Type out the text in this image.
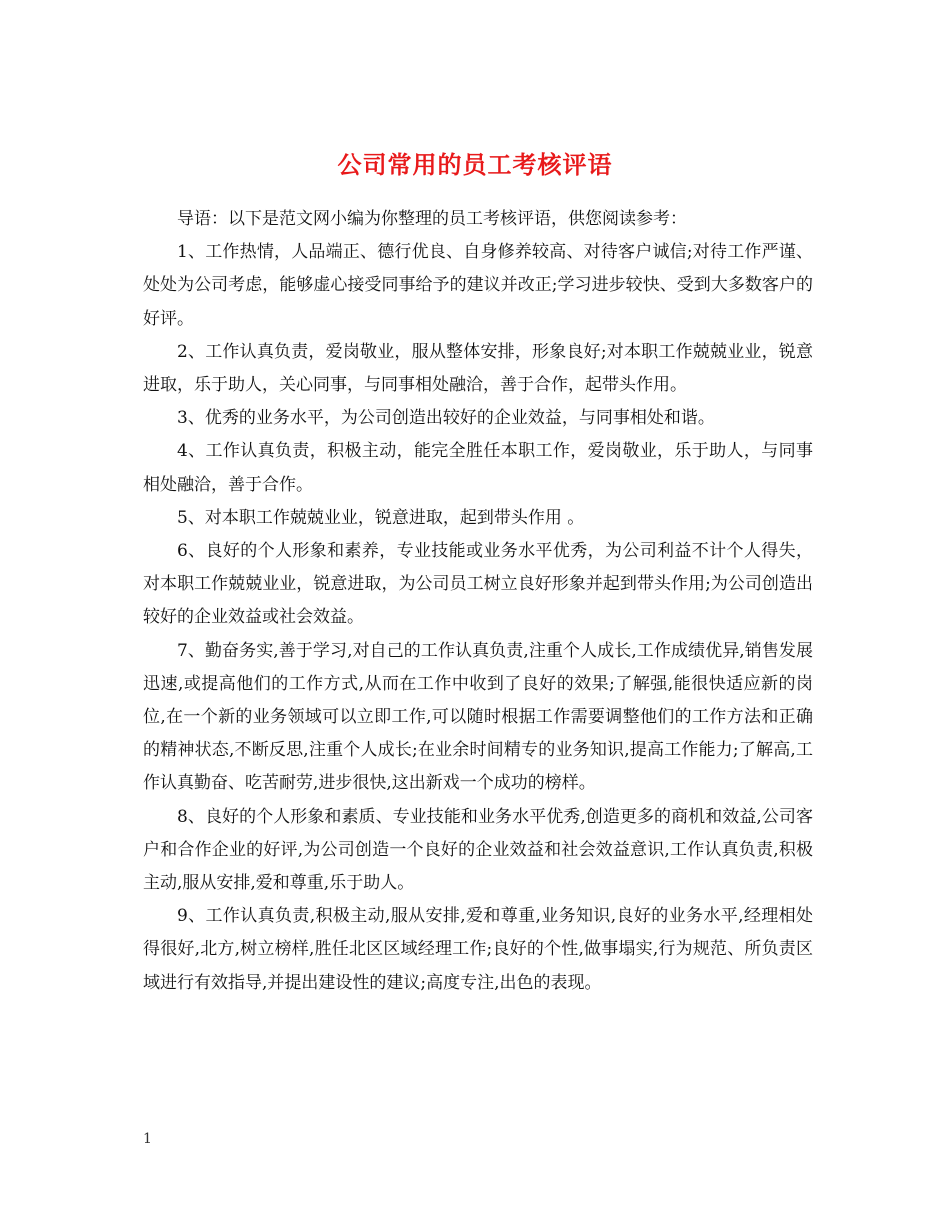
公司常用的员工考核评语

导语：以下是范文网小编为你整理的员工考核评语，供您阅读参考：

1、工作热情，人品端正、德行优良、自身修养较高、对待客户诚信;对待工作严谨、处处为公司考虑，能够虚心接受同事给予的建议并改正;学习进步较快、受到大多数客户的好评。

2、工作认真负责，爱岗敬业，服从整体安排，形象良好;对本职工作兢兢业业，锐意进取，乐于助人，关心同事，与同事相处融洽，善于合作，起带头作用。

3、优秀的业务水平，为公司创造出较好的企业效益，与同事相处和谐。

4、工作认真负责，积极主动，能完全胜任本职工作，爱岗敬业，乐于助人，与同事相处融洽，善于合作。

5、对本职工作兢兢业业，锐意进取，起到带头作用 。

6、良好的个人形象和素养，专业技能或业务水平优秀，为公司利益不计个人得失，对本职工作兢兢业业，锐意进取，为公司员工树立良好形象并起到带头作用;为公司创造出较好的企业效益或社会效益。

7、勤奋务实,善于学习,对自己的工作认真负责,注重个人成长,工作成绩优异,销售发展迅速,或提高他们的工作方式,从而在工作中收到了良好的效果;了解强,能很快适应新的岗位,在一个新的业务领域可以立即工作,可以随时根据工作需要调整他们的工作方法和正确的精神状态,不断反思,注重个人成长;在业余时间精专的业务知识,提高工作能力;了解高,工作认真勤奋、吃苦耐劳,进步很快,这出新戏一个成功的榜样。

8、良好的个人形象和素质、专业技能和业务水平优秀,创造更多的商机和效益,公司客户和合作企业的好评,为公司创造一个良好的企业效益和社会效益意识,工作认真负责,积极主动,服从安排,爱和尊重,乐于助人。

9、工作认真负责,积极主动,服从安排,爱和尊重,业务知识,良好的业务水平,经理相处得很好,北方,树立榜样,胜任北区区域经理工作;良好的个性,做事塌实,行为规范、所负责区域进行有效指导,并提出建设性的建议;高度专注,出色的表现。

1
